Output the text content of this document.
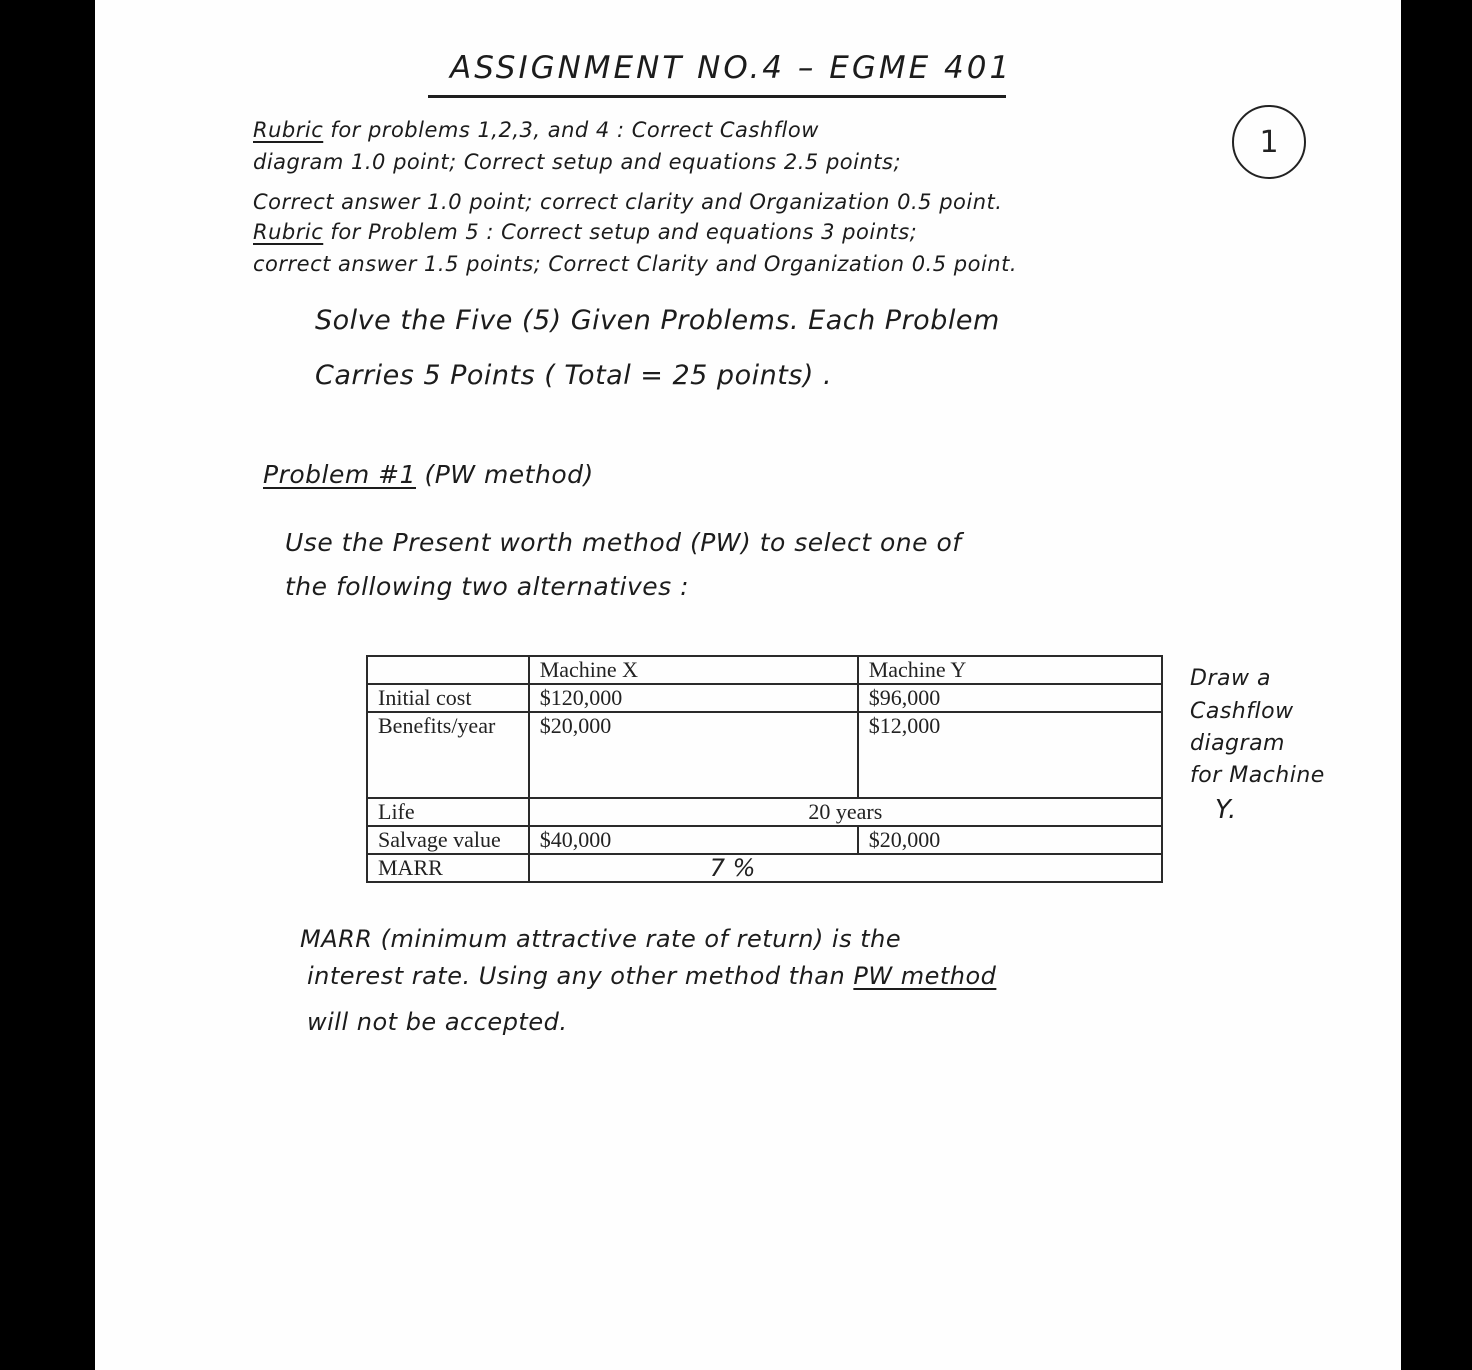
ASSIGNMENT NO.4 – EGME 401
1
Rubric for problems 1,2,3, and 4 : Correct Cashflow
diagram 1.0 point; Correct setup and equations 2.5 points;
Correct answer 1.0 point; correct clarity and Organization 0.5 point.
Rubric for Problem 5 : Correct setup and equations 3 points;
correct answer 1.5 points; Correct Clarity and Organization 0.5 point.
Solve the Five (5) Given Problems. Each Problem
Carries 5 Points ( Total = 25 points) .
Problem #1 (PW method)
Use the Present worth method (PW) to select one of
the following two alternatives :
	Machine X	Machine Y
Initial cost	$120,000	$96,000
Benefits/year	$20,000	$12,000
Life	20 years	
Salvage value	$40,000	$20,000
MARR	7 %	
Draw a
Cashflow
diagram
for Machine
Y.
MARR (minimum attractive rate of return) is the
interest rate. Using any other method than PW method
will not be accepted.
